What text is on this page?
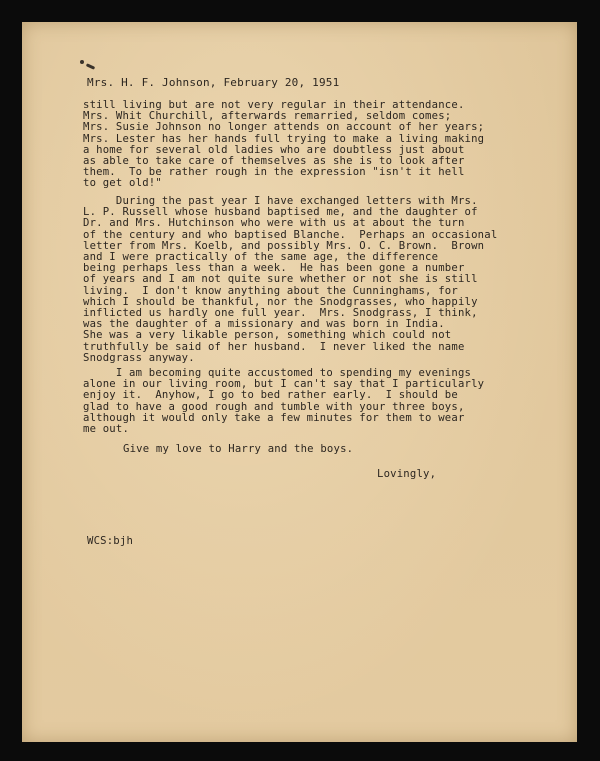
Mrs. H. F. Johnson, February 20, 1951
still living but are not very regular in their attendance.
Mrs. Whit Churchill, afterwards remarried, seldom comes;
Mrs. Susie Johnson no longer attends on account of her years;
Mrs. Lester has her hands full trying to make a living making
a home for several old ladies who are doubtless just about
as able to take care of themselves as she is to look after
them.  To be rather rough in the expression "isn't it hell
to get old!"
During the past year I have exchanged letters with Mrs.
L. P. Russell whose husband baptised me, and the daughter of
Dr. and Mrs. Hutchinson who were with us at about the turn
of the century and who baptised Blanche.  Perhaps an occasional
letter from Mrs. Koelb, and possibly Mrs. O. C. Brown.  Brown
and I were practically of the same age, the difference
being perhaps less than a week.  He has been gone a number
of years and I am not quite sure whether or not she is still
living.  I don't know anything about the Cunninghams, for
which I should be thankful, nor the Snodgrasses, who happily
inflicted us hardly one full year.  Mrs. Snodgrass, I think,
was the daughter of a missionary and was born in India.
She was a very likable person, something which could not
truthfully be said of her husband.  I never liked the name
Snodgrass anyway.
I am becoming quite accustomed to spending my evenings
alone in our living room, but I can't say that I particularly
enjoy it.  Anyhow, I go to bed rather early.  I should be
glad to have a good rough and tumble with your three boys,
although it would only take a few minutes for them to wear
me out.
Give my love to Harry and the boys.
Lovingly,
WCS:bjh
